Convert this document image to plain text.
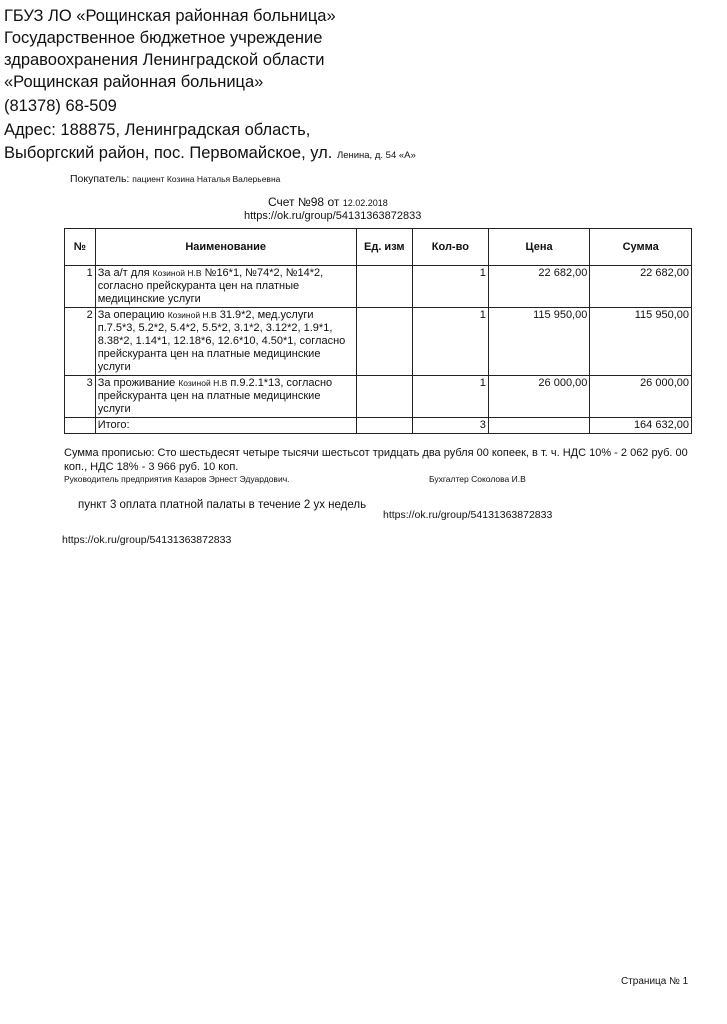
ГБУЗ ЛО «Рощинская районная больница»
Государственное бюджетное учреждение
здравоохранения Ленинградской области
«Рощинская районная больница»
(81378) 68-509
Адрес: 188875, Ленинградская область,
Выборгский район, пос. Первомайское, ул. Ленина, д. 54 «А»
Покупатель: пациент Козина Наталья Валерьевна
Счет №98 от 12.02.2018
https://ok.ru/group/54131363872833
№	Наименование	Ед. изм	Кол-во	Цена	Сумма
1	За а/т для Козиной Н.В №16*1, №74*2, №14*2, согласно прейскуранта цен на платные медицинские услуги		1	22 682,00	22 682,00
2	За операцию Козиной Н.В 31.9*2, мед.услуги п.7.5*3, 5.2*2, 5.4*2, 5.5*2, 3.1*2, 3.12*2, 1.9*1, 8.38*2, 1.14*1, 12.18*6, 12.6*10, 4.50*1, согласно прейскуранта цен на платные медицинские услуги		1	115 950,00	115 950,00
3	За проживание Козиной Н.В п.9.2.1*13, согласно прейскуранта цен на платные медицинские услуги		1	26 000,00	26 000,00
	Итого:		3		164 632,00
Сумма прописью: Сто шестьдесят четыре тысячи шестьсот тридцать два рубля 00 копеек, в т. ч. НДС 10% - 2 062 руб. 00 коп., НДС 18% - 3 966 руб. 10 коп.
Руководитель предприятия Казаров Эрнест Эдуардович.	Бухгалтер Соколова И.В
пункт 3 оплата платной палаты в течение 2 ух недель
https://ok.ru/group/54131363872833
https://ok.ru/group/54131363872833
Страница № 1
